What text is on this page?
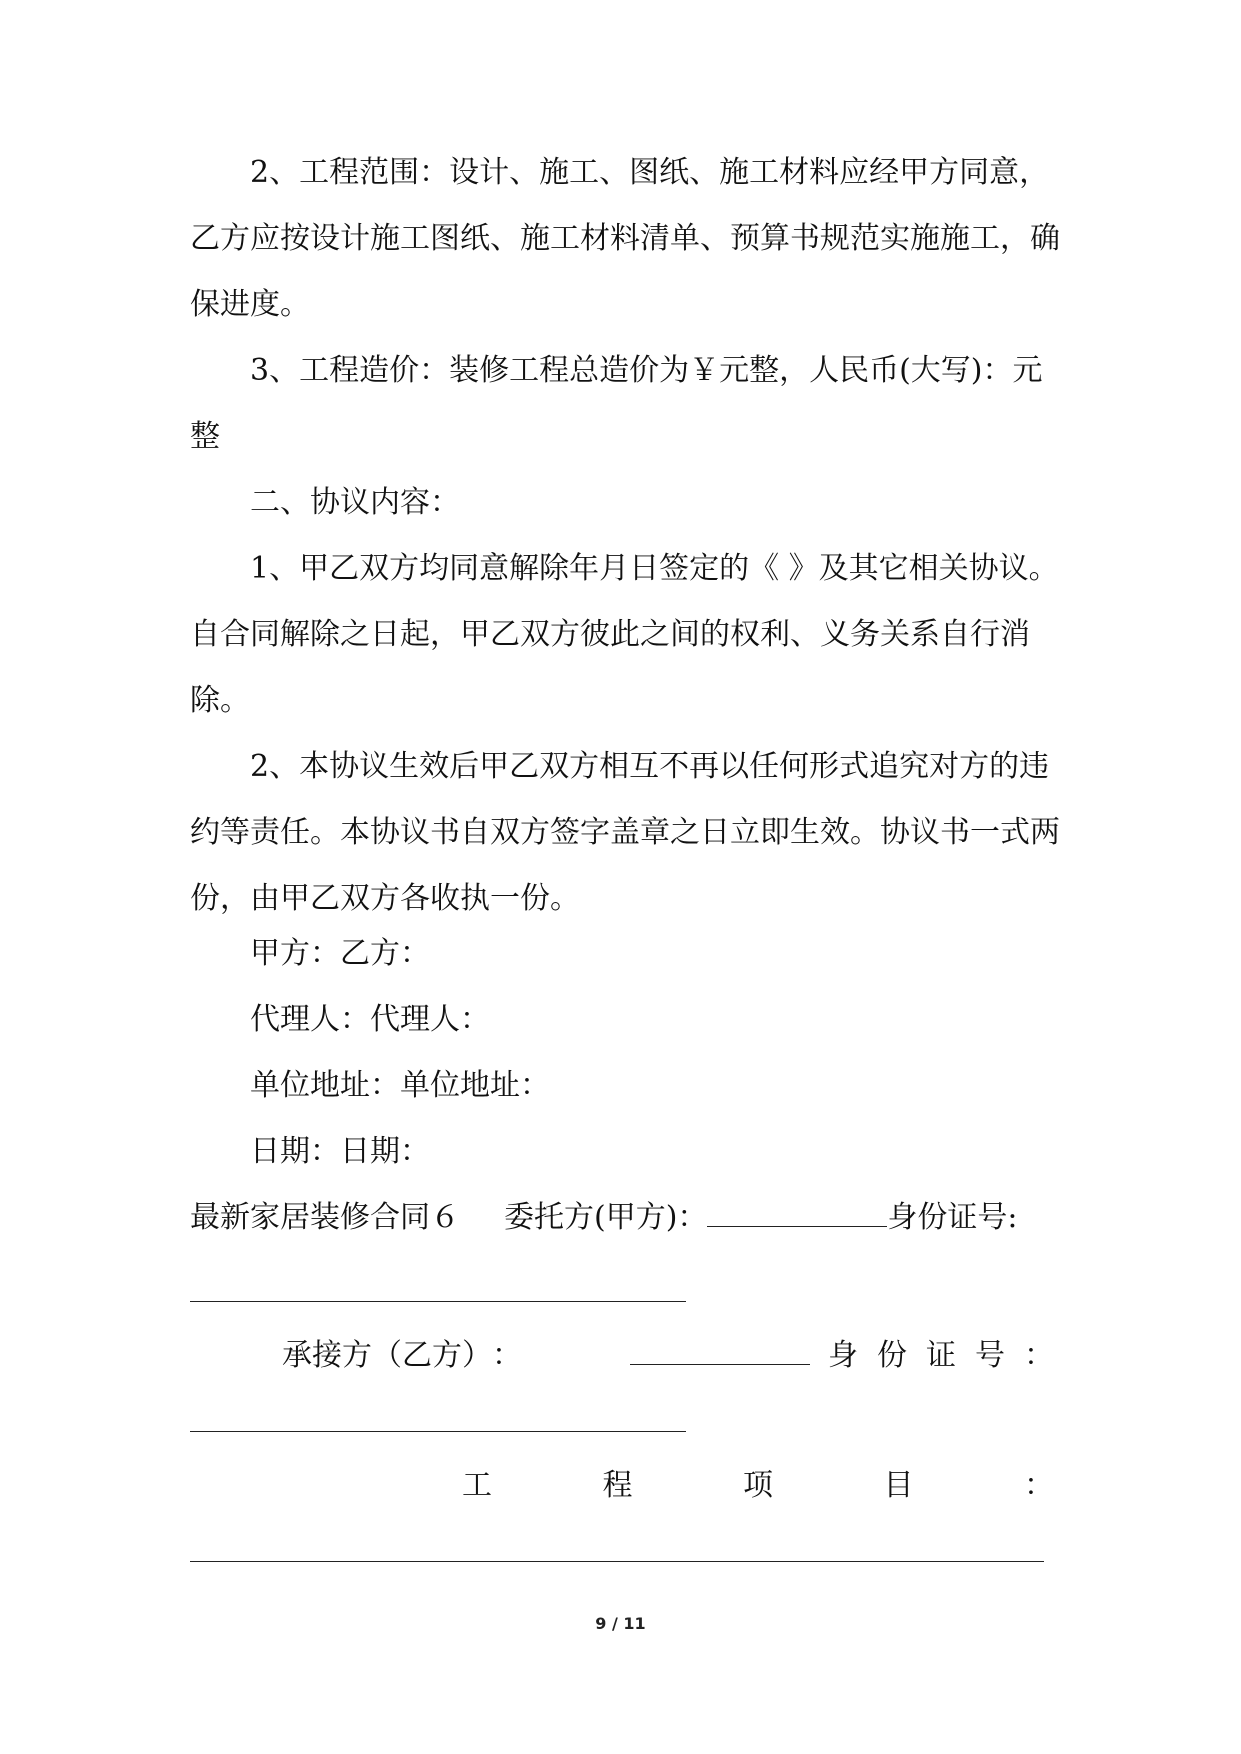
2、工程范围：设计、施工、图纸、施工材料应经甲方同意，乙方应按设计施工图纸、施工材料清单、预算书规范实施施工，确保进度。

3、工程造价：装修工程总造价为￥元整，人民币(大写)：元整

二、协议内容：

1、甲乙双方均同意解除年月日签定的《 》及其它相关协议。自合同解除之日起，甲乙双方彼此之间的权利、义务关系自行消除。

2、本协议生效后甲乙双方相互不再以任何形式追究对方的违约等责任。本协议书自双方签字盖章之日立即生效。协议书一式两份，由甲乙双方各收执一份。

甲方：乙方：
代理人：代理人：
单位地址：单位地址：
日期：日期：
最新家居装修合同６ 委托方(甲方)：	身份证号:
承 接 方 （ 乙 方 ） ：	身 份 证 号 ：
工	程	项	目	：
9 / 11
